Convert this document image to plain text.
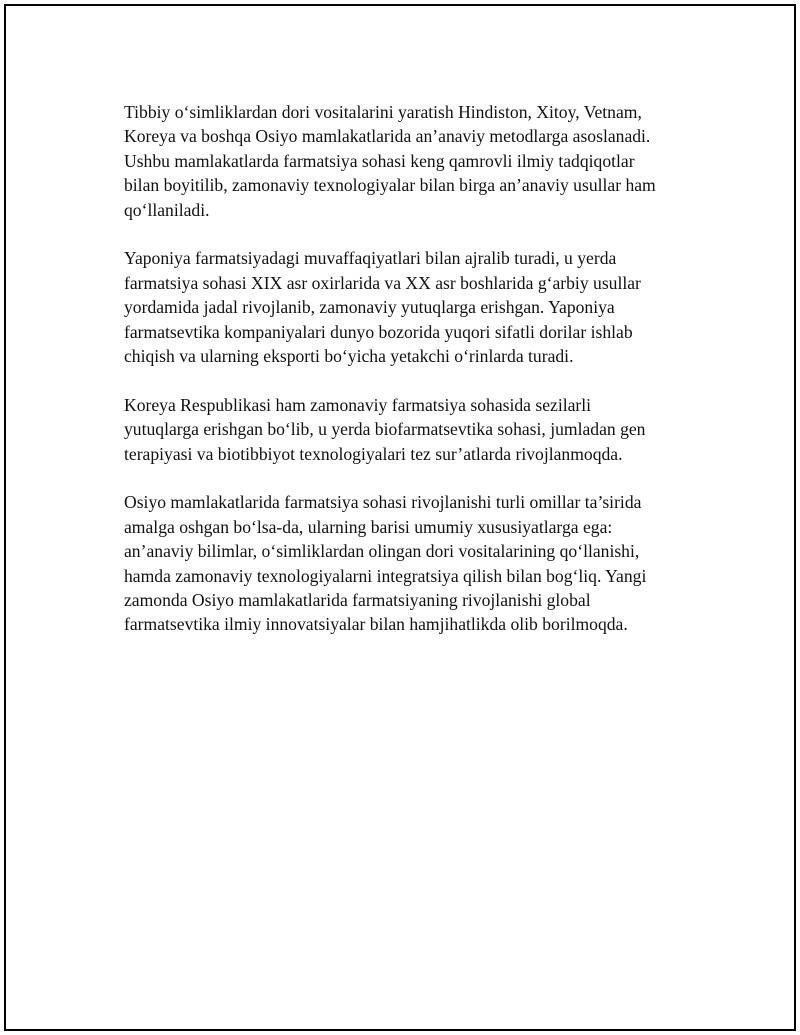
Tibbiy o‘simliklardan dori vositalarini yaratish Hindiston, Xitoy, Vetnam,
Koreya va boshqa Osiyo mamlakatlarida an’anaviy metodlarga asoslanadi.
Ushbu mamlakatlarda farmatsiya sohasi keng qamrovli ilmiy tadqiqotlar
bilan boyitilib, zamonaviy texnologiyalar bilan birga an’anaviy usullar ham
qo‘llaniladi.

Yaponiya farmatsiyadagi muvaffaqiyatlari bilan ajralib turadi, u yerda
farmatsiya sohasi XIX asr oxirlarida va XX asr boshlarida g‘arbiy usullar
yordamida jadal rivojlanib, zamonaviy yutuqlarga erishgan. Yaponiya
farmatsevtika kompaniyalari dunyo bozorida yuqori sifatli dorilar ishlab
chiqish va ularning eksporti bo‘yicha yetakchi o‘rinlarda turadi.

Koreya Respublikasi ham zamonaviy farmatsiya sohasida sezilarli
yutuqlarga erishgan bo‘lib, u yerda biofarmatsevtika sohasi, jumladan gen
terapiyasi va biotibbiyot texnologiyalari tez sur’atlarda rivojlanmoqda.

Osiyo mamlakatlarida farmatsiya sohasi rivojlanishi turli omillar ta’sirida
amalga oshgan bo‘lsa-da, ularning barisi umumiy xususiyatlarga ega:
an’anaviy bilimlar, o‘simliklardan olingan dori vositalarining qo‘llanishi,
hamda zamonaviy texnologiyalarni integratsiya qilish bilan bog‘liq. Yangi
zamonda Osiyo mamlakatlarida farmatsiyaning rivojlanishi global
farmatsevtika ilmiy innovatsiyalar bilan hamjihatlikda olib borilmoqda.
